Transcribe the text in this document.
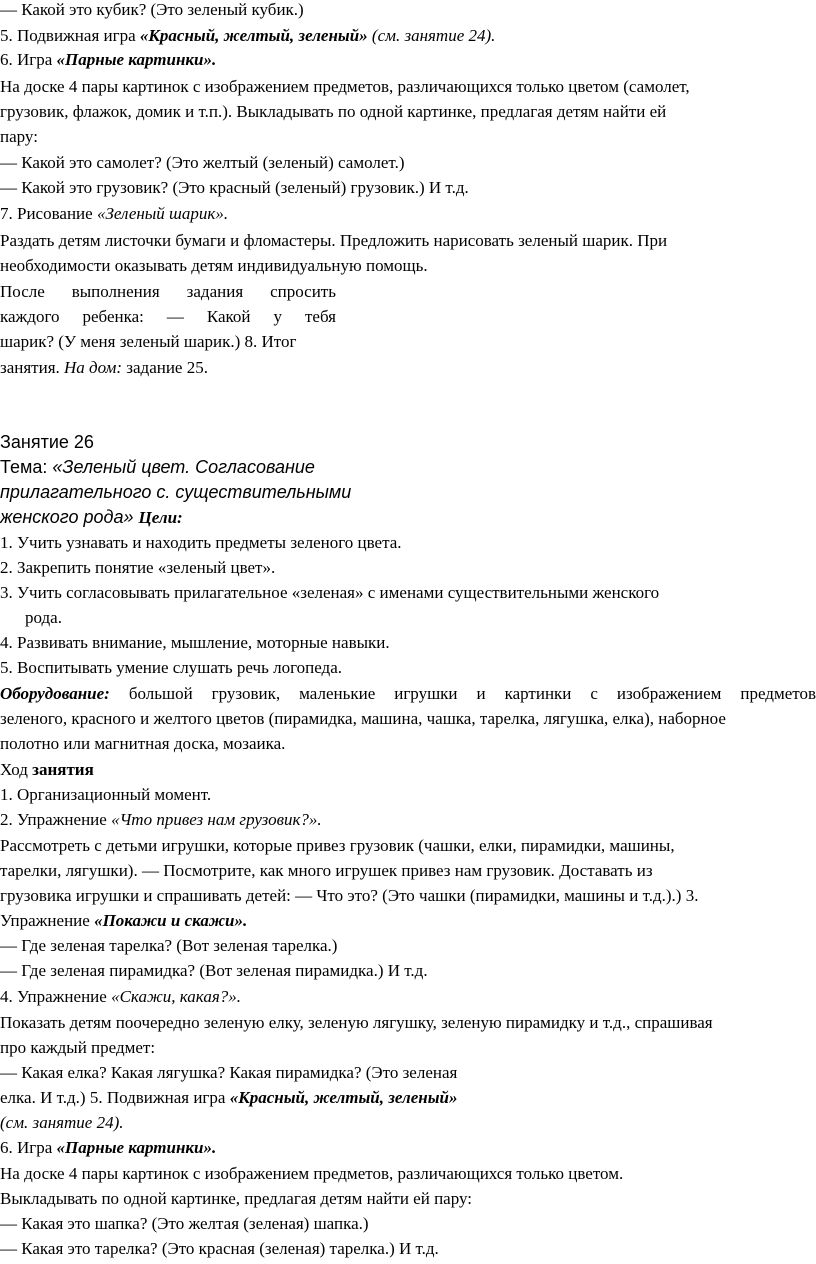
— Какой это кубик? (Это зеленый кубик.)
5. Подвижная игра «Красный, желтый, зеленый» (см. занятие 24).
6. Игра «Парные картинки».
На доске 4 пары картинок с изображением предметов, различающихся только цветом (самолет,
грузовик, флажок, домик и т.п.). Выкладывать по одной картинке, предлагая детям найти ей
пару:
— Какой это самолет? (Это желтый (зеленый) самолет.)
— Какой это грузовик? (Это красный (зеленый) грузовик.) И т.д.
7. Рисование «Зеленый шарик».
Раздать детям листочки бумаги и фломастеры. Предложить нарисовать зеленый шарик. При
необходимости оказывать детям индивидуальную помощь.
После выполнения задания спросить
каждого ребенка: — Какой у тебя
шарик? (У меня зеленый шарик.) 8. Итог
занятия. На дом: задание 25.
Занятие 26
Тема: «Зеленый цвет. Согласование
прилагательного с. существительными
женского рода» Цели:
1. Учить узнавать и находить предметы зеленого цвета.
2. Закрепить понятие «зеленый цвет».
3. Учить согласовывать прилагательное «зеленая» с именами существительными женского
рода.
4. Развивать внимание, мышление, моторные навыки.
5. Воспитывать умение слушать речь логопеда.
Оборудование: большой грузовик, маленькие игрушки и картинки с изображением предметов
зеленого, красного и желтого цветов (пирамидка, машина, чашка, тарелка, лягушка, елка), наборное
полотно или магнитная доска, мозаика.
Ход занятия
1. Организационный момент.
2. Упражнение «Что привез нам грузовик?».
Рассмотреть с детьми игрушки, которые привез грузовик (чашки, елки, пирамидки, машины,
тарелки, лягушки). — Посмотрите, как много игрушек привез нам грузовик. Доставать из
грузовика игрушки и спрашивать детей: — Что это? (Это чашки (пирамидки, машины и т.д.).) 3.
Упражнение «Покажи и скажи».
— Где зеленая тарелка? (Вот зеленая тарелка.)
— Где зеленая пирамидка? (Вот зеленая пирамидка.) И т.д.
4. Упражнение «Скажи, какая?».
Показать детям поочередно зеленую елку, зеленую лягушку, зеленую пирамидку и т.д., спрашивая
про каждый предмет:
— Какая елка? Какая лягушка? Какая пирамидка? (Это зеленая
елка. И т.д.) 5. Подвижная игра «Красный, желтый, зеленый»
(см. занятие 24).
6. Игра «Парные картинки».
На доске 4 пары картинок с изображением предметов, различающихся только цветом.
Выкладывать по одной картинке, предлагая детям найти ей пару:
— Какая это шапка? (Это желтая (зеленая) шапка.)
— Какая это тарелка? (Это красная (зеленая) тарелка.) И т.д.
